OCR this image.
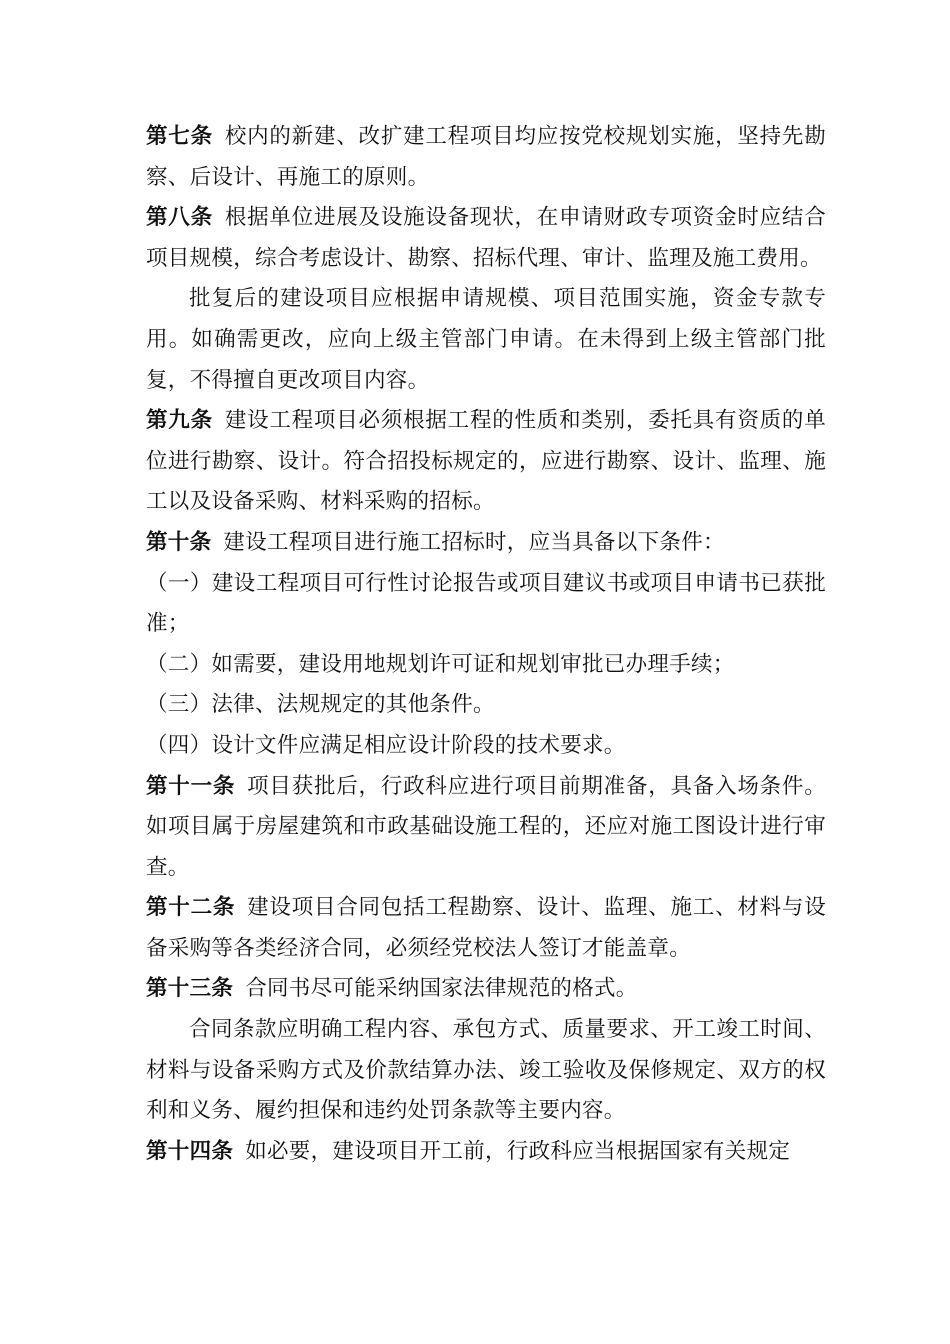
第七条 校内的新建、改扩建工程项目均应按党校规划实施，坚持先勘察、后设计、再施工的原则。

第八条 根据单位进展及设施设备现状，在申请财政专项资金时应结合项目规模，综合考虑设计、勘察、招标代理、审计、监理及施工费用。

批复后的建设项目应根据申请规模、项目范围实施，资金专款专用。如确需更改，应向上级主管部门申请。在未得到上级主管部门批复，不得擅自更改项目内容。

第九条 建设工程项目必须根据工程的性质和类别，委托具有资质的单位进行勘察、设计。符合招投标规定的，应进行勘察、设计、监理、施工以及设备采购、材料采购的招标。

第十条 建设工程项目进行施工招标时，应当具备以下条件：

（一）建设工程项目可行性讨论报告或项目建议书或项目申请书已获批准；

（二）如需要，建设用地规划许可证和规划审批已办理手续；

（三）法律、法规规定的其他条件。

（四）设计文件应满足相应设计阶段的技术要求。

第十一条 项目获批后，行政科应进行项目前期准备，具备入场条件。如项目属于房屋建筑和市政基础设施工程的，还应对施工图设计进行审查。

第十二条 建设项目合同包括工程勘察、设计、监理、施工、材料与设备采购等各类经济合同，必须经党校法人签订才能盖章。

第十三条 合同书尽可能采纳国家法律规范的格式。

合同条款应明确工程内容、承包方式、质量要求、开工竣工时间、材料与设备采购方式及价款结算办法、竣工验收及保修规定、双方的权利和义务、履约担保和违约处罚条款等主要内容。

第十四条 如必要，建设项目开工前，行政科应当根据国家有关规定
